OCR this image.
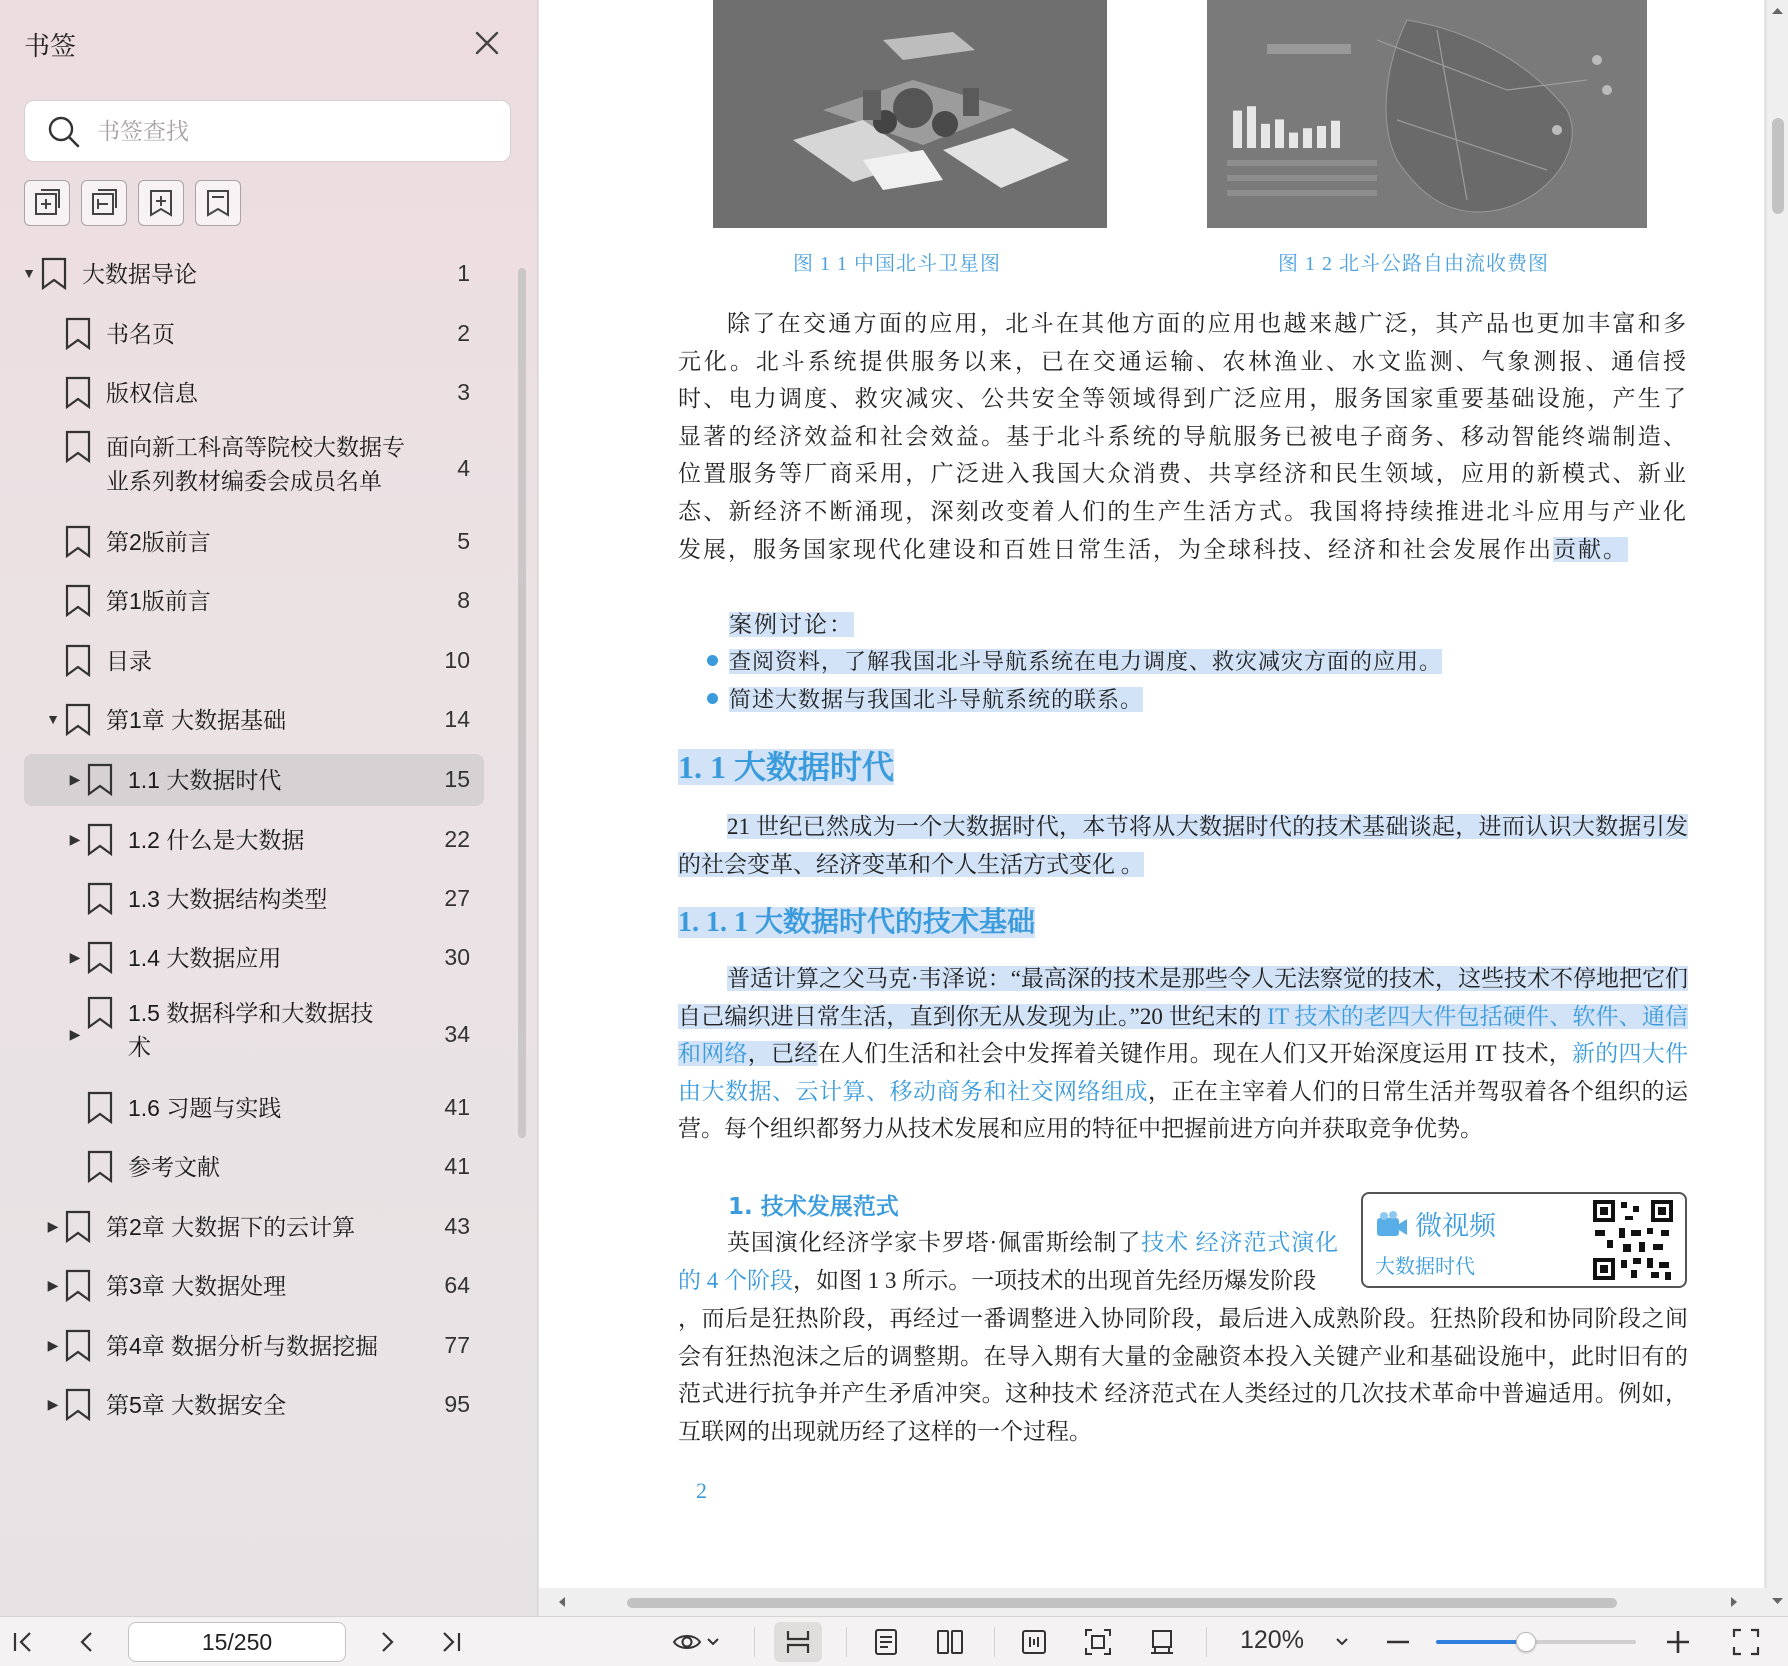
书签
书签查找
▼ 大数据导论	1
书名页	2
版权信息	3
面向新工科高等院校大数据专
业系列教材编委会成员名单	4
第2版前言	5
第1版前言	8
目录	10
▼ 第1章 大数据基础	14
▶ 1.1 大数据时代	15
▶ 1.2 什么是大数据	22
1.3 大数据结构类型	27
▶ 1.4 大数据应用	30
▶
1.5 数据科学和大数据技
术	34
1.6 习题与实践	41
参考文献	41
▶ 第2章 大数据下的云计算	43
▶ 第3章 大数据处理	64
▶ 第4章 数据分析与数据挖掘	77
▶ 第5章 大数据安全	95
图 1 1 中国北斗卫星图	图 1 2 北斗公路自由流收费图
除了在交通方面的应用，北斗在其他方面的应用也越来越广泛，其产品也更加丰富和多元化。北斗系统提供服务以来，已在交通运输、农林渔业、水文监测、气象测报、通信授时、电力调度、救灾减灾、公共安全等领域得到广泛应用，服务国家重要基础设施，产生了显著的经济效益和社会效益。基于北斗系统的导航服务已被电子商务、移动智能终端制造、位置服务等厂商采用，广泛进入我国大众消费、共享经济和民生领域，应用的新模式、新业态、新经济不断涌现，深刻改变着人们的生产生活方式。我国将持续推进北斗应用与产业化发展，服务国家现代化建设和百姓日常生活，为全球科技、经济和社会发展作出贡献。
案例讨论：
查阅资料，了解我国北斗导航系统在电力调度、救灾减灾方面的应用。
简述大数据与我国北斗导航系统的联系。
1. 1 大数据时代
21 世纪已然成为一个大数据时代，本节将从大数据时代的技术基础谈起，进而认识大数据引发的社会变革、经济变革和个人生活方式变化 。
1. 1. 1 大数据时代的技术基础
普适计算之父马克·韦泽说：“最高深的技术是那些令人无法察觉的技术，这些技术不停地把它们自己编织进日常生活，直到你无从发现为止。”20 世纪末的 IT 技术的老四大件包括硬件、软件、通信和网络，已经在人们生活和社会中发挥着关键作用。现在人们又开始深度运用 IT 技术，新的四大件由大数据、云计算、移动商务和社交网络组成，正在主宰着人们的日常生活并驾驭着各个组织的运营。每个组织都努力从技术发展和应用的特征中把握前进方向并获取竞争优势。
1. 技术发展范式
英国演化经济学家卡罗塔·佩雷斯绘制了技术 经济范式演化的 4 个阶段，如图 1 3 所示。一项技术的出现首先经历爆发阶段
，而后是狂热阶段，再经过一番调整进入协同阶段，最后进入成熟阶段。狂热阶段和协同阶段之间会有狂热泡沫之后的调整期。在导入期有大量的金融资本投入关键产业和基础设施中，此时旧有的范式进行抗争并产生矛盾冲突。这种技术 经济范式在人类经过的几次技术革命中普遍适用。例如，互联网的出现就历经了这样的一个过程。
微视频
大数据时代
2
15/250
120%
